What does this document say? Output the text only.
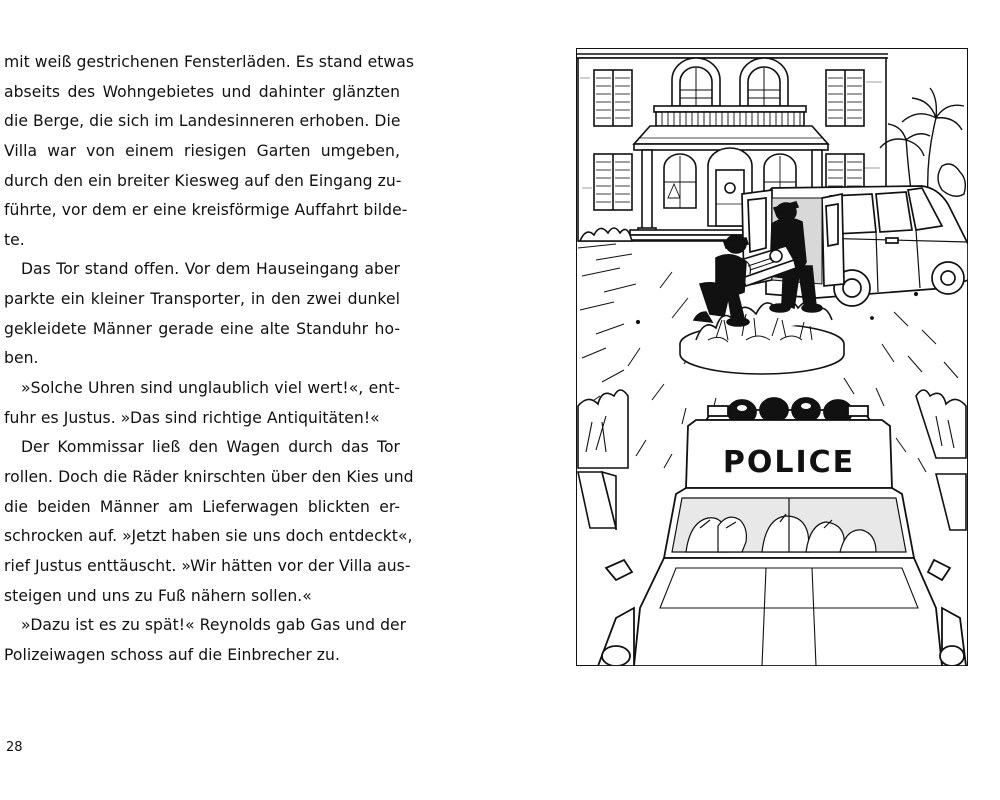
mit weiß gestrichenen Fensterläden. Es stand etwas
abseits des Wohngebietes und dahinter glänzten
die Berge, die sich im Landesinneren erhoben. Die
Villa war von einem riesigen Garten umgeben,
durch den ein breiter Kiesweg auf den Eingang zu-
führte, vor dem er eine kreisförmige Auffahrt bilde-
te.
Das Tor stand offen. Vor dem Hauseingang aber
parkte ein kleiner Transporter, in den zwei dunkel
gekleidete Männer gerade eine alte Standuhr ho-
ben.
»Solche Uhren sind unglaublich viel wert!«, ent-
fuhr es Justus. »Das sind richtige Antiquitäten!«
Der Kommissar ließ den Wagen durch das Tor
rollen. Doch die Räder knirschten über den Kies und
die beiden Männer am Lieferwagen blickten er-
schrocken auf. »Jetzt haben sie uns doch entdeckt«,
rief Justus enttäuscht. »Wir hätten vor der Villa aus-
steigen und uns zu Fuß nähern sollen.«
»Dazu ist es zu spät!« Reynolds gab Gas und der
Polizeiwagen schoss auf die Einbrecher zu.
28
POLICE
